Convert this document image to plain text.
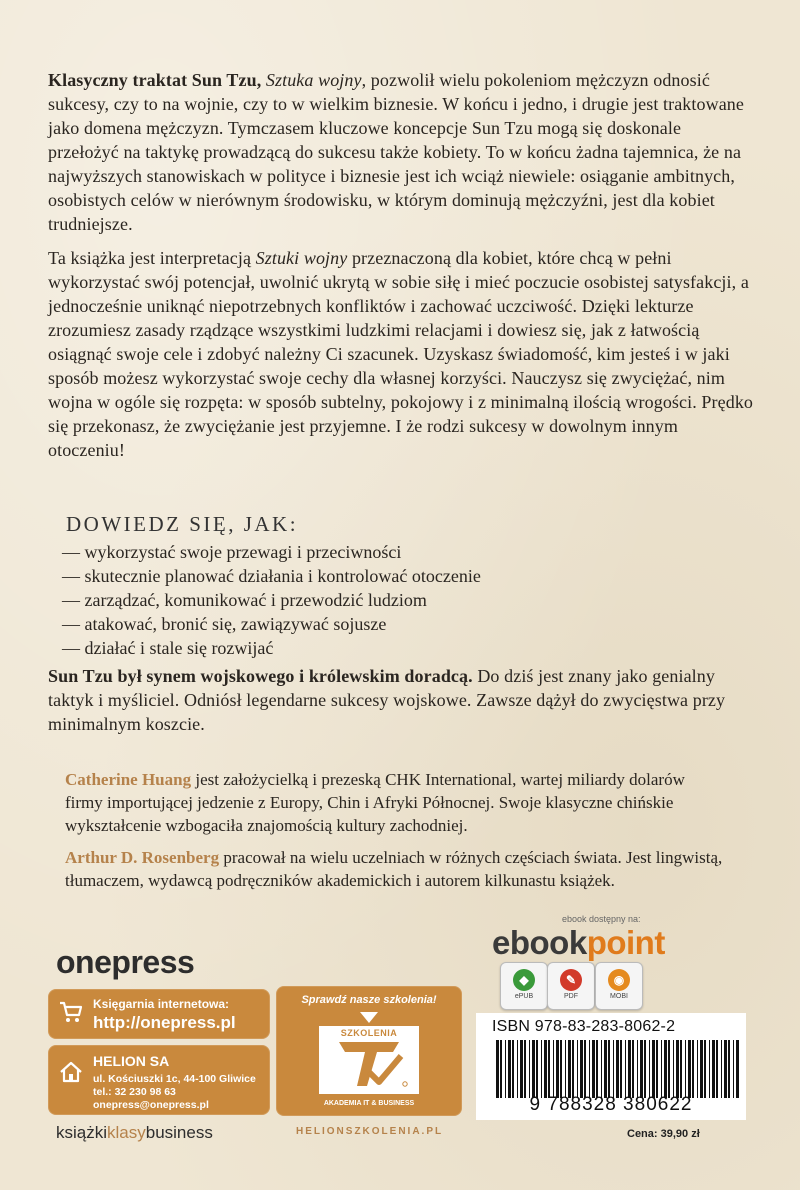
Klasyczny traktat Sun Tzu, Sztuka wojny, pozwolił wielu pokoleniom mężczyzn odnosić sukcesy, czy to na wojnie, czy to w wielkim biznesie. W końcu i jedno, i drugie jest traktowane jako domena mężczyzn. Tymczasem kluczowe koncepcje Sun Tzu mogą się doskonale przełożyć na taktykę prowadzącą do sukcesu także kobiety. To w końcu żadna tajemnica, że na najwyższych stanowiskach w polityce i biznesie jest ich wciąż niewiele: osiąganie ambitnych, osobistych celów w nierównym środowisku, w którym dominują mężczyźni, jest dla kobiet trudniejsze.

Ta książka jest interpretacją Sztuki wojny przeznaczoną dla kobiet, które chcą w pełni wykorzystać swój potencjał, uwolnić ukrytą w sobie siłę i mieć poczucie osobistej satysfakcji, a jednocześnie uniknąć niepotrzebnych konfliktów i zachować uczciwość. Dzięki lekturze zrozumiesz zasady rządzące wszystkimi ludzkimi relacjami i dowiesz się, jak z łatwością osiągnąć swoje cele i zdobyć należny Ci szacunek. Uzyskasz świadomość, kim jesteś i w jaki sposób możesz wykorzystać swoje cechy dla własnej korzyści. Nauczysz się zwyciężać, nim wojna w ogóle się rozpęta: w sposób subtelny, pokojowy i z minimalną ilością wrogości. Prędko się przekonasz, że zwyciężanie jest przyjemne. I że rodzi sukcesy w dowolnym innym otoczeniu!

DOWIEDZ SIĘ, JAK:
— wykorzystać swoje przewagi i przeciwności
— skutecznie planować działania i kontrolować otoczenie
— zarządzać, komunikować i przewodzić ludziom
— atakować, bronić się, zawiązywać sojusze
— działać i stale się rozwijać

Sun Tzu był synem wojskowego i królewskim doradcą. Do dziś jest znany jako genialny taktyk i myśliciel. Odniósł legendarne sukcesy wojskowe. Zawsze dążył do zwycięstwa przy minimalnym koszcie.

Catherine Huang jest założycielką i prezeską CHK International, wartej miliardy dolarów firmy importującej jedzenie z Europy, Chin i Afryki Północnej. Swoje klasyczne chińskie wykształcenie wzbogaciła znajomością kultury zachodniej.
Arthur D. Rosenberg pracował na wielu uczelniach w różnych częściach świata. Jest lingwistą, tłumaczem, wydawcą podręczników akademickich i autorem kilkunastu książek.
ebook dostępny na:
ebookpoint
◆
ePUB
✎
PDF
◉
MOBI
onepress
Księgarnia internetowa:
http://onepress.pl
HELION SA
ul. Kościuszki 1c, 44-100 Gliwice
tel.: 32 230 98 63
onepress@onepress.pl
Sprawdź nasze szkolenia!
SZKOLENIA
AKADEMIA IT & BUSINESS
książkiklasybusiness	HELIONSZKOLENIA.PL
ISBN 978-83-283-8062-2
9 788328 380622
Cena: 39,90 zł
